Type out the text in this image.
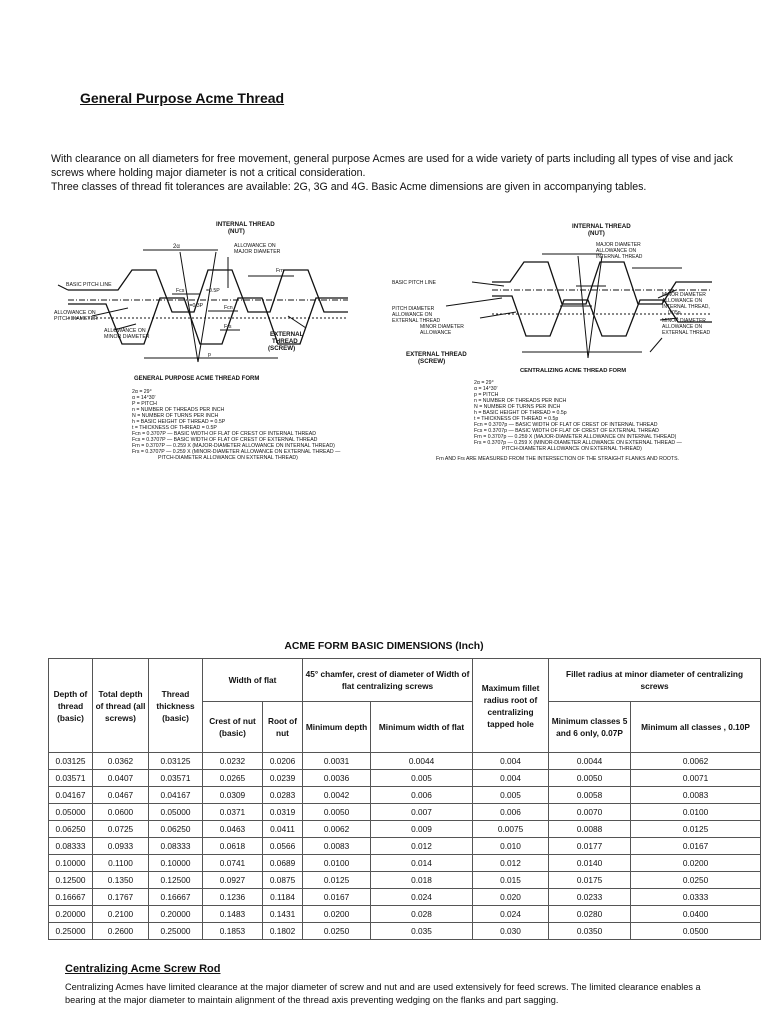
General Purpose Acme Thread

With clearance on all diameters for free movement, general purpose Acmes are used for a wide variety of parts including all types of vise and jack screws where holding major diameter is not a critical consideration.

Three classes of thread fit tolerances are available: 2G, 3G and 4G. Basic Acme dimensions are given in accompanying tables.

INTERNAL THREAD
(NUT)
2α	ALLOWANCE ON
MAJOR DIAMETER
Frn
BASIC PITCH LINE
Fcs	=0.5P
t=0.3P	Fcn
ALLOWANCE ON
PITCH DIAMETER
Frs
ALLOWANCE ON
MINOR DIAMETER	EXTERNAL
THREAD
(SCREW)
p
GENERAL PURPOSE ACME THREAD FORM
2α = 29°
α = 14°30'
P = PITCH
n = NUMBER OF THREADS PER INCH
N = NUMBER OF TURNS PER INCH
h = BASIC HEIGHT OF THREAD = 0.5P
t = THICKNESS OF THREAD = 0.5P
Fcn = 0.3707P — BASIC WIDTH OF FLAT OF CREST OF INTERNAL THREAD
Fcs = 0.3707P — BASIC WIDTH OF FLAT OF CREST OF EXTERNAL THREAD
Frn = 0.3707P — 0.259 X (MAJOR-DIAMETER ALLOWANCE ON INTERNAL THREAD)
Frs = 0.3707P — 0.259 X (MINOR-DIAMETER ALLOWANCE ON EXTERNAL THREAD —
PITCH-DIAMETER ALLOWANCE ON EXTERNAL THREAD)
INTERNAL THREAD
(NUT)
MAJOR DIAMETER
ALLOWANCE ON
INTERNAL THREAD
BASIC PITCH LINE
PITCH DIAMETER
ALLOWANCE ON
EXTERNAL THREAD
MINOR DIAMETER
ALLOWANCE
MINOR DIAMETER
ALLOWANCE ON
INTERNAL THREAD,
0.05p
MINOR DIAMETER
ALLOWANCE ON
EXTERNAL THREAD
EXTERNAL THREAD
(SCREW)
CENTRALIZING ACME THREAD FORM
2α = 29°
α = 14°30'
p = PITCH
n = NUMBER OF THREADS PER INCH
N = NUMBER OF TURNS PER INCH
h = BASIC HEIGHT OF THREAD = 0.5p
t = THICKNESS OF THREAD = 0.5p
Fcn = 0.3707p — BASIC WIDTH OF FLAT OF CREST OF INTERNAL THREAD
Fcs = 0.3707p — BASIC WIDTH OF FLAT OF CREST OF EXTERNAL THREAD
Frn = 0.3707p — 0.259 X (MAJOR-DIAMETER ALLOWANCE ON INTERNAL THREAD)
Frs = 0.3707p — 0.259 X (MINOR-DIAMETER ALLOWANCE ON EXTERNAL THREAD —
PITCH-DIAMETER ALLOWANCE ON EXTERNAL THREAD)
Frn AND Frs ARE MEASURED FROM THE INTERSECTION OF THE STRAIGHT FLANKS AND ROOTS.

ACME FORM BASIC DIMENSIONS (Inch)

Depth of thread (basic)	Total depth of thread (all screws)	Thread thickness (basic)	Width of flat		45° chamfer, crest of diameter of Width of flat centralizing screws		Maximum fillet radius root of centralizing tapped hole	Fillet radius at minor diameter of centralizing screws	
			Crest of nut (basic)	Root of nut	Minimum depth	Minimum width of flat		Minimum classes 5 and 6 only, 0.07P	Minimum all classes , 0.10P
0.03125	0.0362	0.03125	0.0232	0.0206	0.0031	0.0044	0.004	0.0044	0.0062
0.03571	0.0407	0.03571	0.0265	0.0239	0.0036	0.005	0.004	0.0050	0.0071
0.04167	0.0467	0.04167	0.0309	0.0283	0.0042	0.006	0.005	0.0058	0.0083
0.05000	0.0600	0.05000	0.0371	0.0319	0.0050	0.007	0.006	0.0070	0.0100
0.06250	0.0725	0.06250	0.0463	0.0411	0.0062	0.009	0.0075	0.0088	0.0125
0.08333	0.0933	0.08333	0.0618	0.0566	0.0083	0.012	0.010	0.0177	0.0167
0.10000	0.1100	0.10000	0.0741	0.0689	0.0100	0.014	0.012	0.0140	0.0200
0.12500	0.1350	0.12500	0.0927	0.0875	0.0125	0.018	0.015	0.0175	0.0250
0.16667	0.1767	0.16667	0.1236	0.1184	0.0167	0.024	0.020	0.0233	0.0333
0.20000	0.2100	0.20000	0.1483	0.1431	0.0200	0.028	0.024	0.0280	0.0400
0.25000	0.2600	0.25000	0.1853	0.1802	0.0250	0.035	0.030	0.0350	0.0500
Centralizing Acme Screw Rod

Centralizing Acmes have limited clearance at the major diameter of screw and nut and are used extensively for feed screws. The limited clearance enables a bearing at the major diameter to maintain alignment of the thread axis preventing wedging on the flanks and part sagging.
